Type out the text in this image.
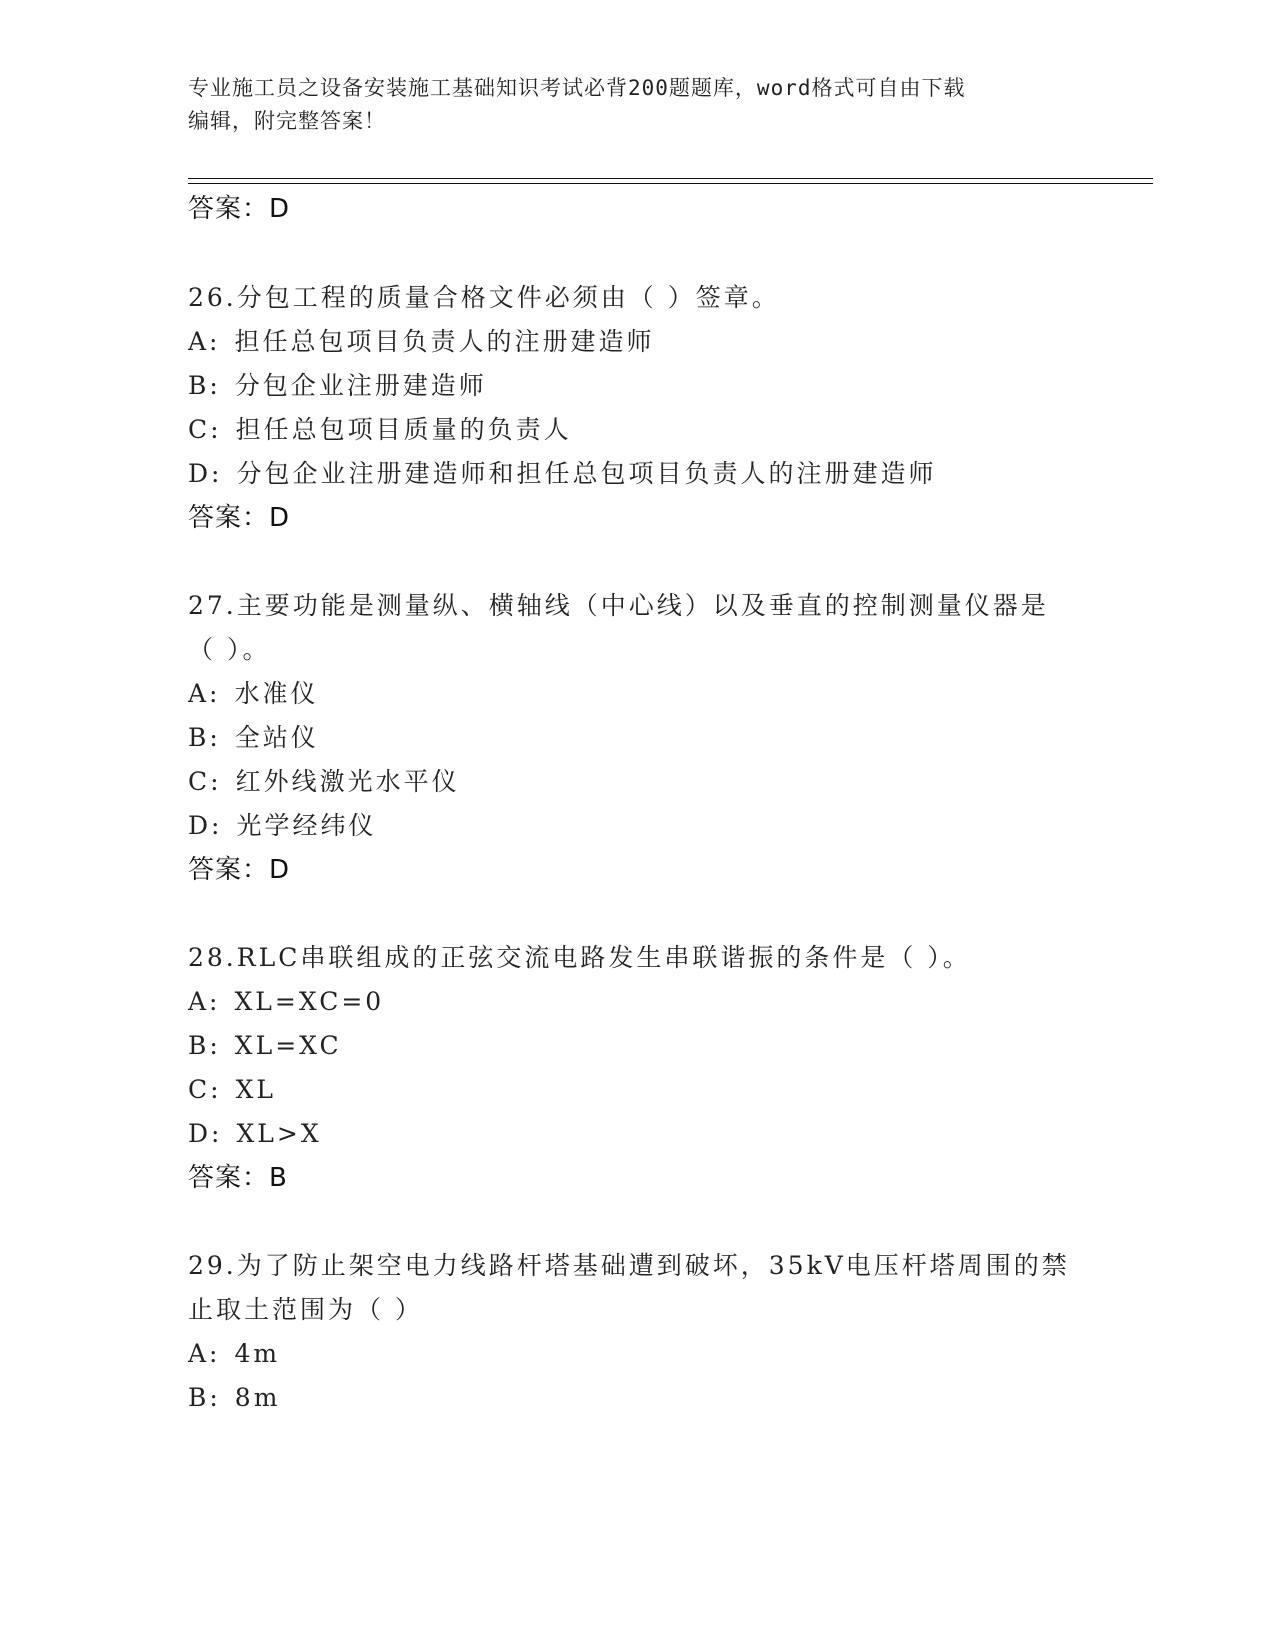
专业施工员之设备安装施工基础知识考试必背200题题库，word格式可自由下载
编辑，附完整答案！
答案：D
26.分包工程的质量合格文件必须由（ ）签章。
A: 担任总包项目负责人的注册建造师
B: 分包企业注册建造师
C: 担任总包项目质量的负责人
D: 分包企业注册建造师和担任总包项目负责人的注册建造师
答案：D
27.主要功能是测量纵、横轴线（中心线）以及垂直的控制测量仪器是
（ ）。
A: 水准仪
B: 全站仪
C: 红外线激光水平仪
D: 光学经纬仪
答案：D
28.RLC串联组成的正弦交流电路发生串联谐振的条件是（ ）。
A: XL=XC=0
B: XL=XC
C: XL
D: XL>X
答案：B
29.为了防止架空电力线路杆塔基础遭到破坏，35kV电压杆塔周围的禁
止取土范围为（ ）
A: 4m
B: 8m
